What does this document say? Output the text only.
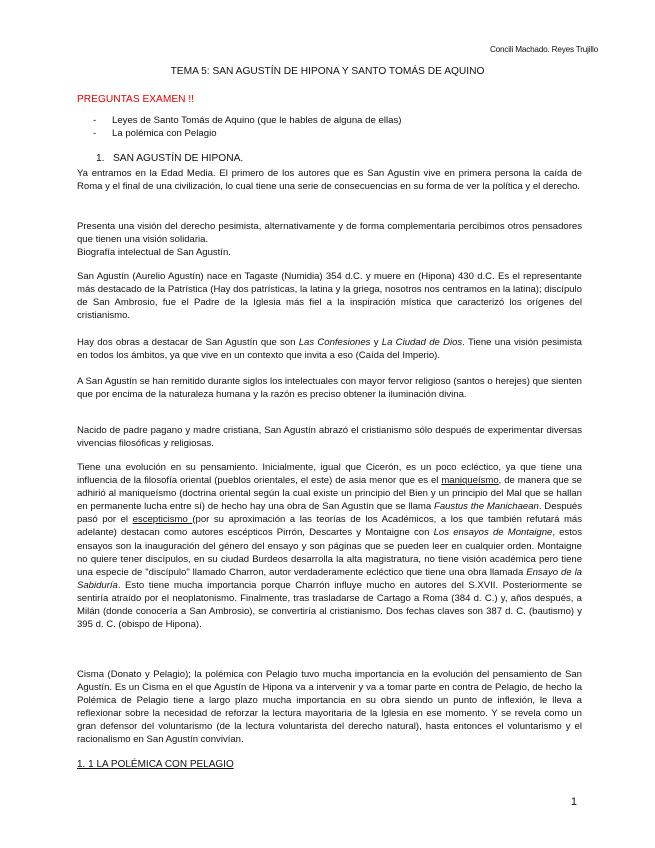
Concili Machado. Reyes Trujillo
TEMA 5: SAN AGUSTÍN DE HIPONA Y SANTO TOMÁS DE AQUINO
PREGUNTAS EXAMEN !!
- Leyes de Santo Tomás de Aquino (que le hables de alguna de ellas)
- La polémica con Pelagio
1. SAN AGUSTÍN DE HIPONA.

Ya entramos en la Edad Media. El primero de los autores que es San Agustín vive en primera persona la caída de Roma y el final de una civilización, lo cual tiene una serie de consecuencias en su forma de ver la política y el derecho.

Presenta una visión del derecho pesimista, alternativamente y de forma complementaria percibimos otros pensadores que tienen una visión solidaria.
Biografía intelectual de San Agustín.

San Agustín (Aurelio Agustín) nace en Tagaste (Numidia) 354 d.C. y muere en (Hipona) 430 d.C. Es el representante más destacado de la Patrística (Hay dos patrísticas, la latina y la griega, nosotros nos centramos en la latina); discípulo de San Ambrosio, fue el Padre de la Iglesia más fiel a la inspiración mística que caracterizó los orígenes del cristianismo.

Hay dos obras a destacar de San Agustín que son Las Confesiones y La Ciudad de Dios. Tiene una visión pesimista en todos los ámbitos, ya que vive en un contexto que invita a eso (Caída del Imperio).

A San Agustín se han remitido durante siglos los intelectuales con mayor fervor religioso (santos o herejes) que sienten que por encima de la naturaleza humana y la razón es preciso obtener la iluminación divina.

Nacido de padre pagano y madre cristiana, San Agustín abrazó el cristianismo sólo después de experimentar diversas vivencias filosóficas y religiosas.

Tiene una evolución en su pensamiento. Inicialmente, igual que Cicerón, es un poco ecléctico, ya que tiene una influencia de la filosofía oriental (pueblos orientales, el este) de asia menor que es el maniqueísmo, de manera que se adhirió al maniqueísmo (doctrina oriental según la cual existe un principio del Bien y un principio del Mal que se hallan en permanente lucha entre sí) de hecho hay una obra de San Agustín que se llama Faustus the Manichaean. Después pasó por el escepticismo (por su aproximación a las teorías de los Académicos, a los que también refutará más adelante) destacan como autores escépticos Pirrón, Descartes y Montaigne con Los ensayos de Montaigne, estos ensayos son la inauguración del género del ensayo y son páginas que se pueden leer en cualquier orden. Montaigne no quiere tener discípulos, en su ciudad Burdeos desarrolla la alta magistratura, no tiene visión académica pero tiene una especie de "discípulo" llamado Charron, autor verdaderamente ecléctico que tiene una obra llamada Ensayo de la Sabiduría. Esto tiene mucha importancia porque Charrón influye mucho en autores del S.XVII. Posteriormente se sentiría atraído por el neoplatonismo. Finalmente, tras trasladarse de Cartago a Roma (384 d. C.) y, años después, a Milán (donde conocería a San Ambrosio), se convertiría al cristianismo. Dos fechas claves son 387 d. C. (bautismo) y 395 d. C. (obispo de Hipona).

Cisma (Donato y Pelagio); la polémica con Pelagio tuvo mucha importancia en la evolución del pensamiento de San Agustín. Es un Cisma en el que Agustín de Hipona va a intervenir y va a tomar parte en contra de Pelagio, de hecho la Polémica de Pelagio tiene a largo plazo mucha importancia en su obra siendo un punto de inflexión, le lleva a reflexionar sobre la necesidad de reforzar la lectura mayoritaria de la Iglesia en ese momento. Y se revela como un gran defensor del voluntarismo (de la lectura voluntarista del derecho natural), hasta entonces el voluntarismo y el racionalismo en San Agustín convivían.

1. 1 LA POLÉMICA CON PELAGIO
1
